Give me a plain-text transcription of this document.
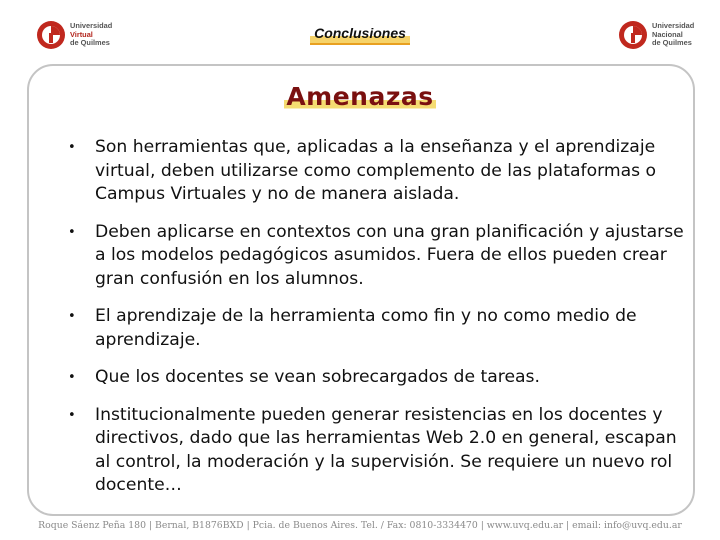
Universidad
Virtual
de Quilmes
Conclusiones	Universidad
Nacional
de Quilmes
Amenazas
• Son herramientas que, aplicadas a la enseñanza y el aprendizaje virtual, deben utilizarse como complemento de las plataformas o Campus Virtuales y no de manera aislada.
• Deben aplicarse en contextos con una gran planificación y ajustarse a los modelos pedagógicos asumidos. Fuera de ellos pueden crear gran confusión en los alumnos.
• El aprendizaje de la herramienta como fin y no como medio de aprendizaje.
• Que los docentes se vean sobrecargados de tareas.
• Institucionalmente pueden generar resistencias en los docentes y directivos, dado que las herramientas Web 2.0 en general, escapan al control, la moderación y la supervisión. Se requiere un nuevo rol docente…
Roque Sáenz Peña 180 | Bernal, B1876BXD | Pcia. de Buenos Aires. Tel. / Fax: 0810-3334470 | www.uvq.edu.ar | email: info@uvq.edu.ar
